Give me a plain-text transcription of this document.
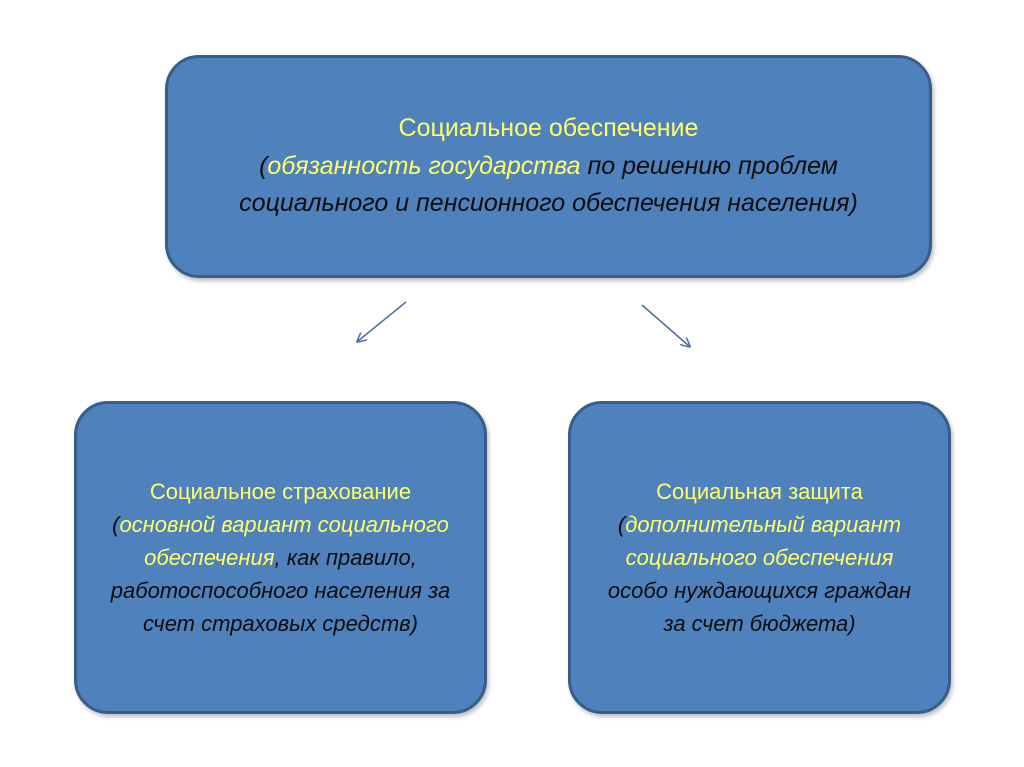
Социальное обеспечение
(обязанность государства по решению проблем социального и пенсионного обеспечения населения)
Социальное страхование
(основной вариант социального обеспечения, как правило, работоспособного населения за счет страховых средств)
Социальная защита
(дополнительный вариант социального обеспечения особо нуждающихся граждан за счет бюджета)
